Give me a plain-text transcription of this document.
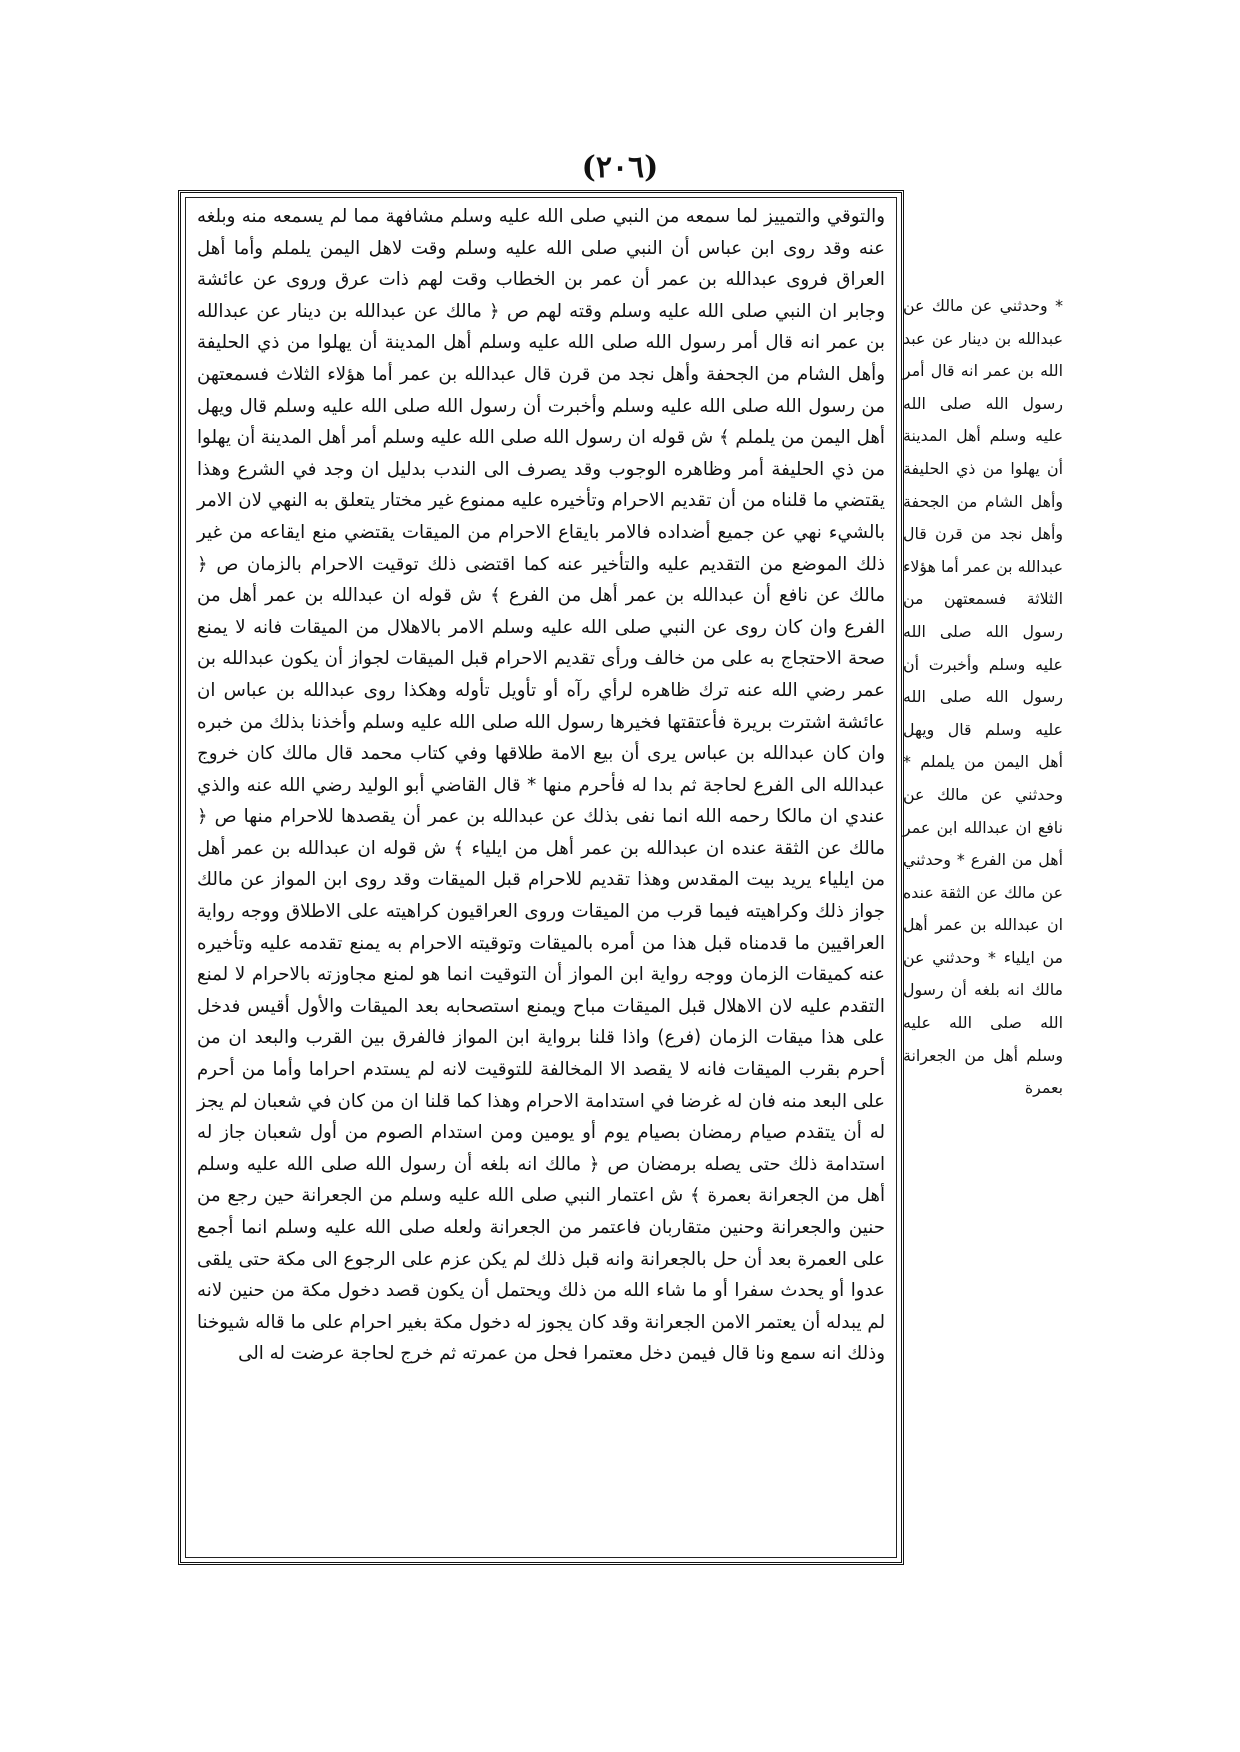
(٢٠٦)

والتوقي والتمييز لما سمعه من النبي صلى الله عليه وسلم مشافهة مما لم يسمعه منه وبلغه عنه وقد روى ابن عباس أن النبي صلى الله عليه وسلم وقت لاهل اليمن يلملم وأما أهل العراق فروى عبدالله بن عمر أن عمر بن الخطاب وقت لهم ذات عرق وروى عن عائشة وجابر ان النبي صلى الله عليه وسلم وقته لهم ص ﴿ مالك عن عبدالله بن دينار عن عبدالله بن عمر انه قال أمر رسول الله صلى الله عليه وسلم أهل المدينة أن يهلوا من ذي الحليفة وأهل الشام من الجحفة وأهل نجد من قرن قال عبدالله بن عمر أما هؤلاء الثلاث فسمعتهن من رسول الله صلى الله عليه وسلم وأخبرت أن رسول الله صلى الله عليه وسلم قال ويهل أهل اليمن من يلملم ﴾ ش قوله ان رسول الله صلى الله عليه وسلم أمر أهل المدينة أن يهلوا من ذي الحليفة أمر وظاهره الوجوب وقد يصرف الى الندب بدليل ان وجد في الشرع وهذا يقتضي ما قلناه من أن تقديم الاحرام وتأخيره عليه ممنوع غير مختار يتعلق به النهي لان الامر بالشيء نهي عن جميع أضداده فالامر بايقاع الاحرام من الميقات يقتضي منع ايقاعه من غير ذلك الموضع من التقديم عليه والتأخير عنه كما اقتضى ذلك توقيت الاحرام بالزمان ص ﴿ مالك عن نافع أن عبدالله بن عمر أهل من الفرع ﴾ ش قوله ان عبدالله بن عمر أهل من الفرع وان كان روى عن النبي صلى الله عليه وسلم الامر بالاهلال من الميقات فانه لا يمنع صحة الاحتجاج به على من خالف ورأى تقديم الاحرام قبل الميقات لجواز أن يكون عبدالله بن عمر رضي الله عنه ترك ظاهره لرأي رآه أو تأويل تأوله وهكذا روى عبدالله بن عباس ان عائشة اشترت بريرة فأعتقتها فخيرها رسول الله صلى الله عليه وسلم وأخذنا بذلك من خبره وان كان عبدالله بن عباس يرى أن بيع الامة طلاقها وفي كتاب محمد قال مالك كان خروج عبدالله الى الفرع لحاجة ثم بدا له فأحرم منها * قال القاضي أبو الوليد رضي الله عنه والذي عندي ان مالكا رحمه الله انما نفى بذلك عن عبدالله بن عمر أن يقصدها للاحرام منها ص ﴿ مالك عن الثقة عنده ان عبدالله بن عمر أهل من ايلياء ﴾ ش قوله ان عبدالله بن عمر أهل من ايلياء يريد بيت المقدس وهذا تقديم للاحرام قبل الميقات وقد روى ابن المواز عن مالك جواز ذلك وكراهيته فيما قرب من الميقات وروى العراقيون كراهيته على الاطلاق ووجه رواية العراقيين ما قدمناه قبل هذا من أمره بالميقات وتوقيته الاحرام به يمنع تقدمه عليه وتأخيره عنه كميقات الزمان ووجه رواية ابن المواز أن التوقيت انما هو لمنع مجاوزته بالاحرام لا لمنع التقدم عليه لان الاهلال قبل الميقات مباح ويمنع استصحابه بعد الميقات والأول أقيس فدخل على هذا ميقات الزمان (فرع) واذا قلنا برواية ابن المواز فالفرق بين القرب والبعد ان من أحرم بقرب الميقات فانه لا يقصد الا المخالفة للتوقيت لانه لم يستدم احراما وأما من أحرم على البعد منه فان له غرضا في استدامة الاحرام وهذا كما قلنا ان من كان في شعبان لم يجز له أن يتقدم صيام رمضان بصيام يوم أو يومين ومن استدام الصوم من أول شعبان جاز له استدامة ذلك حتى يصله برمضان ص ﴿ مالك انه بلغه أن رسول الله صلى الله عليه وسلم أهل من الجعرانة بعمرة ﴾ ش اعتمار النبي صلى الله عليه وسلم من الجعرانة حين رجع من حنين والجعرانة وحنين متقاربان فاعتمر من الجعرانة ولعله صلى الله عليه وسلم انما أجمع على العمرة بعد أن حل بالجعرانة وانه قبل ذلك لم يكن عزم على الرجوع الى مكة حتى يلقى عدوا أو يحدث سفرا أو ما شاء الله من ذلك ويحتمل أن يكون قصد دخول مكة من حنين لانه لم يبدله أن يعتمر الامن الجعرانة وقد كان يجوز له دخول مكة بغير احرام على ما قاله شيوخنا وذلك انه سمع ونا قال فيمن دخل معتمرا فحل من عمرته ثم خرج لحاجة عرضت له الى

* وحدثني عن مالك عن عبدالله بن دينار عن عبد الله بن عمر انه قال أمر رسول الله صلى الله عليه وسلم أهل المدينة أن يهلوا من ذي الحليفة وأهل الشام من الجحفة وأهل نجد من قرن قال عبدالله بن عمر أما هؤلاء الثلاثة فسمعتهن من رسول الله صلى الله عليه وسلم وأخبرت أن رسول الله صلى الله عليه وسلم قال ويهل أهل اليمن من يلملم * وحدثني عن مالك عن نافع ان عبدالله ابن عمر أهل من الفرع * وحدثني عن مالك عن الثقة عنده ان عبدالله بن عمر أهل من ايلياء * وحدثني عن مالك انه بلغه أن رسول الله صلى الله عليه وسلم أهل من الجعرانة بعمرة
